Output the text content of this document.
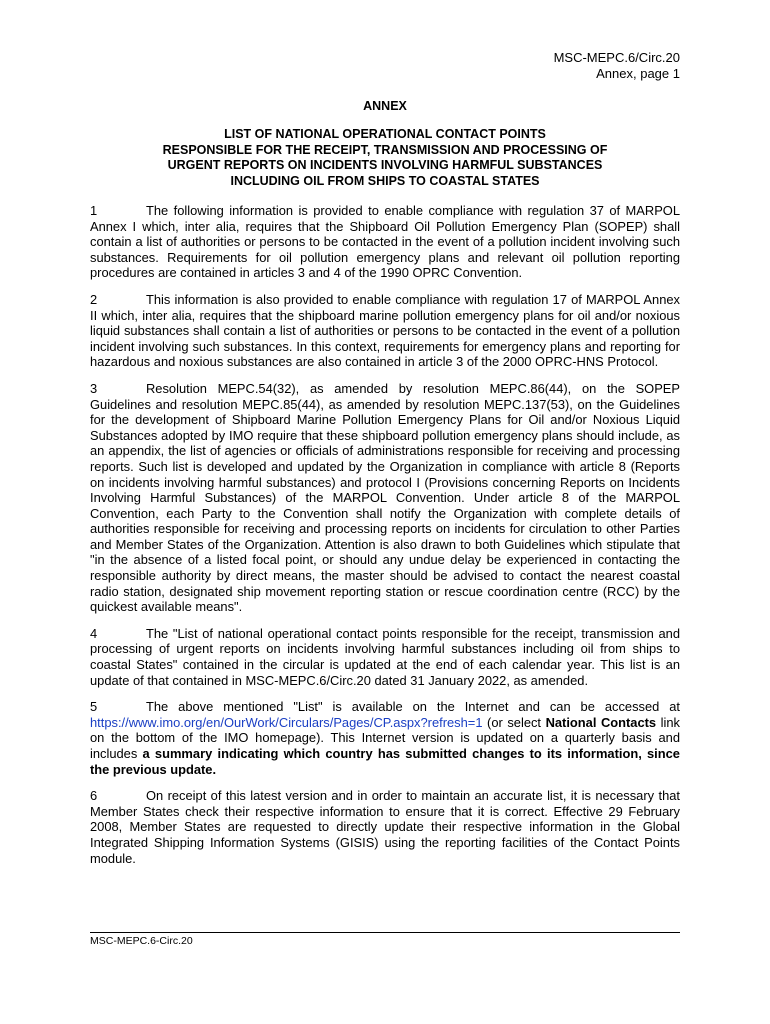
MSC-MEPC.6/Circ.20
Annex, page 1
ANNEX
LIST OF NATIONAL OPERATIONAL CONTACT POINTS
RESPONSIBLE FOR THE RECEIPT, TRANSMISSION AND PROCESSING OF
URGENT REPORTS ON INCIDENTS INVOLVING HARMFUL SUBSTANCES
INCLUDING OIL FROM SHIPS TO COASTAL STATES

1	The following information is provided to enable compliance with regulation 37 of MARPOL Annex I which, inter alia, requires that the Shipboard Oil Pollution Emergency Plan (SOPEP) shall contain a list of authorities or persons to be contacted in the event of a pollution incident involving such substances. Requirements for oil pollution emergency plans and relevant oil pollution reporting procedures are contained in articles 3 and 4 of the 1990 OPRC Convention.

2	This information is also provided to enable compliance with regulation 17 of MARPOL Annex II which, inter alia, requires that the shipboard marine pollution emergency plans for oil and/or noxious liquid substances shall contain a list of authorities or persons to be contacted in the event of a pollution incident involving such substances. In this context, requirements for emergency plans and reporting for hazardous and noxious substances are also contained in article 3 of the 2000 OPRC-HNS Protocol.

3	Resolution MEPC.54(32), as amended by resolution MEPC.86(44), on the SOPEP Guidelines and resolution MEPC.85(44), as amended by resolution MEPC.137(53), on the Guidelines for the development of Shipboard Marine Pollution Emergency Plans for Oil and/or Noxious Liquid Substances adopted by IMO require that these shipboard pollution emergency plans should include, as an appendix, the list of agencies or officials of administrations responsible for receiving and processing reports. Such list is developed and updated by the Organization in compliance with article 8 (Reports on incidents involving harmful substances) and protocol I (Provisions concerning Reports on Incidents Involving Harmful Substances) of the MARPOL Convention. Under article 8 of the MARPOL Convention, each Party to the Convention shall notify the Organization with complete details of authorities responsible for receiving and processing reports on incidents for circulation to other Parties and Member States of the Organization. Attention is also drawn to both Guidelines which stipulate that "in the absence of a listed focal point, or should any undue delay be experienced in contacting the responsible authority by direct means, the master should be advised to contact the nearest coastal radio station, designated ship movement reporting station or rescue coordination centre (RCC) by the quickest available means".

4	The "List of national operational contact points responsible for the receipt, transmission and processing of urgent reports on incidents involving harmful substances including oil from ships to coastal States" contained in the circular is updated at the end of each calendar year. This list is an update of that contained in MSC-MEPC.6/Circ.20 dated 31 January 2022, as amended.

5	The above mentioned "List" is available on the Internet and can be accessed at https://www.imo.org/en/OurWork/Circulars/Pages/CP.aspx?refresh=1 (or select National Contacts link on the bottom of the IMO homepage). This Internet version is updated on a quarterly basis and includes a summary indicating which country has submitted changes to its information, since the previous update.

6	On receipt of this latest version and in order to maintain an accurate list, it is necessary that Member States check their respective information to ensure that it is correct. Effective 29 February 2008, Member States are requested to directly update their respective information in the Global Integrated Shipping Information Systems (GISIS) using the reporting facilities of the Contact Points module.

MSC-MEPC.6-Circ.20
